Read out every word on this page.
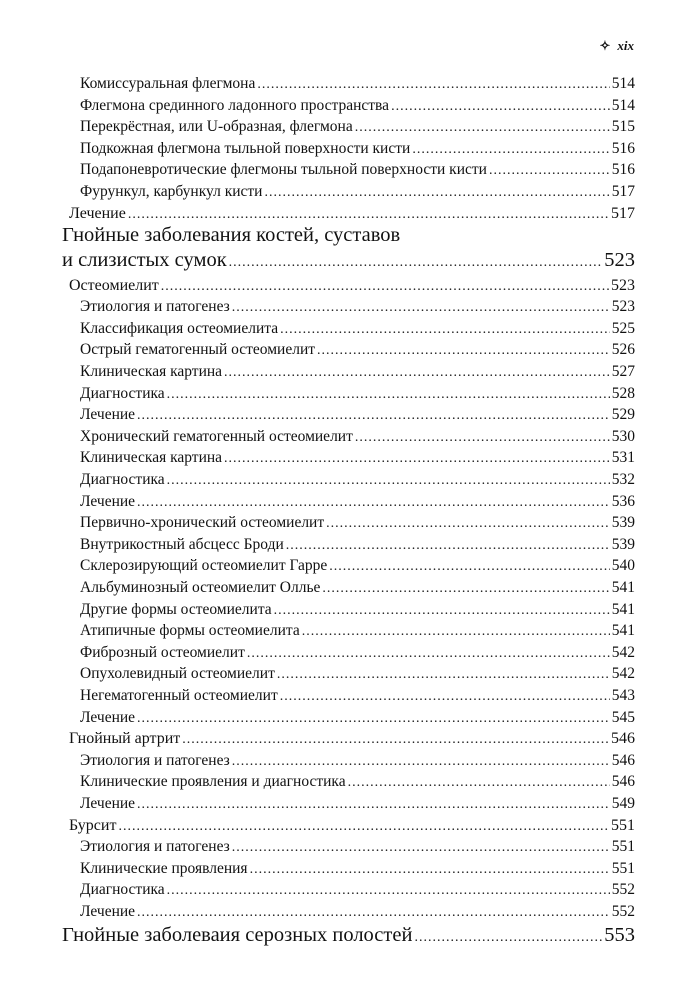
✧ xix
Комиссуральная флегмона .....	514
Флегмона срединного ладонного пространства .....	514
Перекрёстная, или U-образная, флегмона .....	515
Подкожная флегмона тыльной поверхности кисти .....	516
Подапоневротические флегмоны тыльной поверхности кисти .....	516
Фурункул, карбункул кисти .....	517
Лечение .....	517
Гнойные заболевания костей, суставов
и слизистых сумок .....	523
Остеомиелит .....	523
Этиология и патогенез .....	523
Классификация остеомиелита .....	525
Острый гематогенный остеомиелит .....	526
Клиническая картина .....	527
Диагностика .....	528
Лечение .....	529
Хронический гематогенный остеомиелит .....	530
Клиническая картина .....	531
Диагностика .....	532
Лечение .....	536
Первично-хронический остеомиелит .....	539
Внутрикостный абсцесс Броди .....	539
Склерозирующий остеомиелит Гарре .....	540
Альбуминозный остеомиелит Олльe .....	541
Другие формы остеомиелита .....	541
Атипичные формы остеомиелита .....	541
Фиброзный остеомиелит .....	542
Опухолевидный остеомиелит .....	542
Негематогенный остеомиелит .....	543
Лечение .....	545
Гнойный артрит .....	546
Этиология и патогенез .....	546
Клинические проявления и диагностика .....	546
Лечение .....	549
Бурсит .....	551
Этиология и патогенез .....	551
Клинические проявления .....	551
Диагностика .....	552
Лечение .....	552
Гнойные заболеваия серозных полостей .....	553
